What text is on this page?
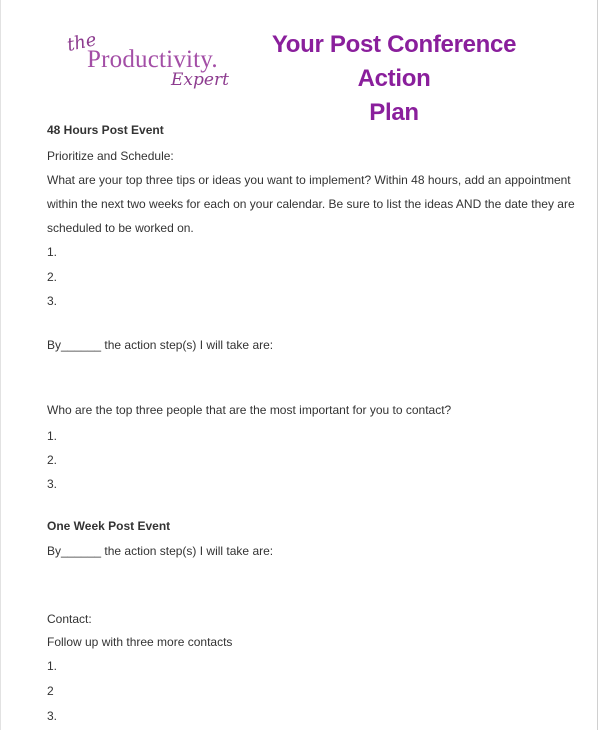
the
Productivity.
Expert
Your Post Conference Action
Plan
48 Hours Post Event
Prioritize and Schedule:
What are your top three tips or ideas you want to implement? Within 48 hours, add an appointment
within the next two weeks for each on your calendar. Be sure to list the ideas AND the date they are
scheduled to be worked on.
1.
2.
3.
By______ the action step(s) I will take are:
Who are the top three people that are the most important for you to contact?
1.
2.
3.
One Week Post Event
By______ the action step(s) I will take are:
Contact:
Follow up with three more contacts
1.
2
3.
